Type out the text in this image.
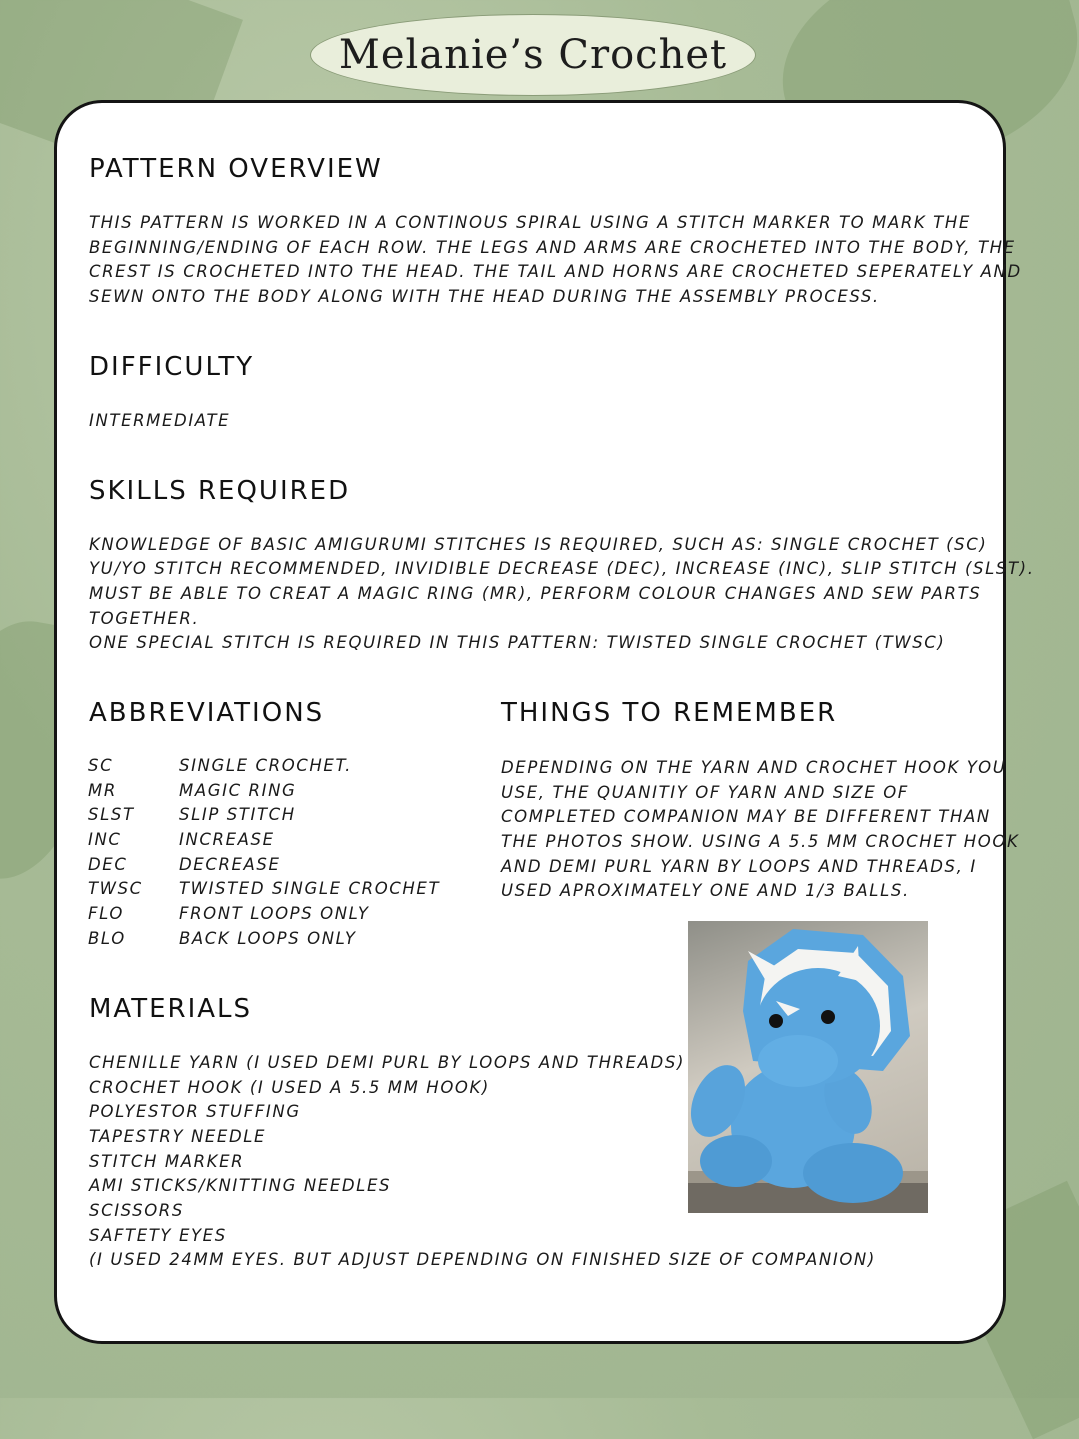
Melanie’s Crochet
PATTERN OVERVIEW

THIS PATTERN IS WORKED IN A CONTINOUS SPIRAL USING A STITCH MARKER TO MARK THE

BEGINNING/ENDING OF EACH ROW. THE LEGS AND ARMS ARE CROCHETED INTO THE BODY, THE

CREST IS CROCHETED INTO THE HEAD. THE TAIL AND HORNS ARE CROCHETED SEPERATELY AND

SEWN ONTO THE BODY ALONG WITH THE HEAD DURING THE ASSEMBLY PROCESS.

DIFFICULTY

INTERMEDIATE

SKILLS REQUIRED

KNOWLEDGE OF BASIC AMIGURUMI STITCHES IS REQUIRED, SUCH AS: SINGLE CROCHET (SC)

YU/YO STITCH RECOMMENDED, INVIDIBLE DECREASE (DEC), INCREASE (INC), SLIP STITCH (SLST).

MUST BE ABLE TO CREAT A MAGIC RING (MR), PERFORM COLOUR CHANGES AND SEW PARTS

TOGETHER.

ONE SPECIAL STITCH IS REQUIRED IN THIS PATTERN: TWISTED SINGLE CROCHET (TWSC)

ABBREVIATIONS
SC	SINGLE CROCHET.
MR	MAGIC RING
SLST	SLIP STITCH
INC	INCREASE
DEC	DECREASE
TWSC TWISTED SINGLE CROCHET
FLO	FRONT LOOPS ONLY
BLO	BACK LOOPS ONLY
THINGS TO REMEMBER

DEPENDING ON THE YARN AND CROCHET HOOK YOU

USE, THE QUANITIY OF YARN AND SIZE OF

COMPLETED COMPANION MAY BE DIFFERENT THAN

THE PHOTOS SHOW. USING A 5.5 MM CROCHET HOOK

AND DEMI PURL YARN BY LOOPS AND THREADS, I

USED APROXIMATELY ONE AND 1/3 BALLS.

MATERIALS

CHENILLE YARN (I USED DEMI PURL BY LOOPS AND THREADS)

CROCHET HOOK (I USED A 5.5 MM HOOK)

POLYESTOR STUFFING

TAPESTRY NEEDLE

STITCH MARKER

AMI STICKS/KNITTING NEEDLES

SCISSORS

SAFTETY EYES

(I USED 24MM EYES. BUT ADJUST DEPENDING ON FINISHED SIZE OF COMPANION)
